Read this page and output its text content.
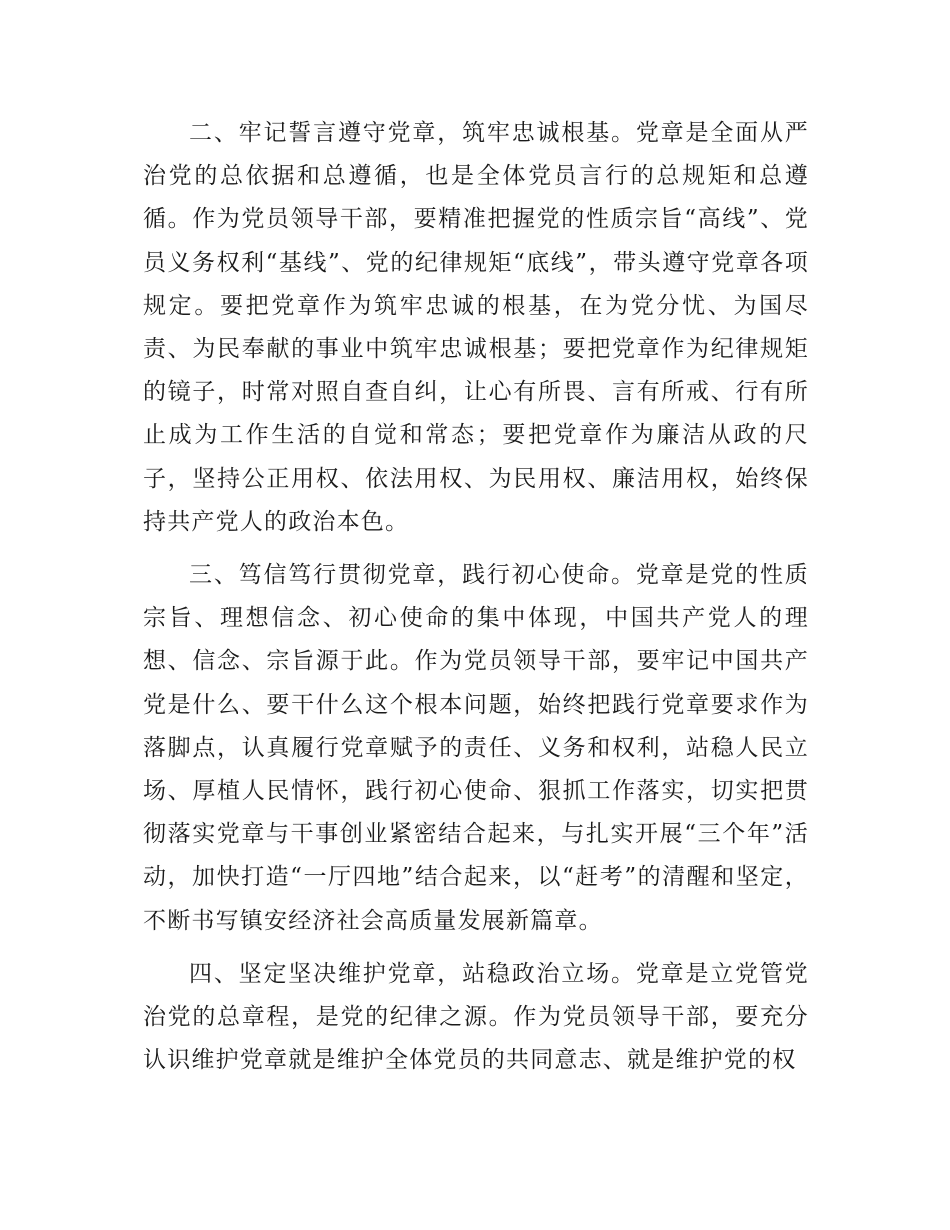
二、牢记誓言遵守党章，筑牢忠诚根基。党章是全面从严治党的总依据和总遵循，也是全体党员言行的总规矩和总遵循。作为党员领导干部，要精准把握党的性质宗旨“高线”、党员义务权利“基线”、党的纪律规矩“底线”，带头遵守党章各项规定。要把党章作为筑牢忠诚的根基，在为党分忧、为国尽责、为民奉献的事业中筑牢忠诚根基；要把党章作为纪律规矩的镜子，时常对照自查自纠，让心有所畏、言有所戒、行有所止成为工作生活的自觉和常态；要把党章作为廉洁从政的尺子，坚持公正用权、依法用权、为民用权、廉洁用权，始终保持共产党人的政治本色。

三、笃信笃行贯彻党章，践行初心使命。党章是党的性质宗旨、理想信念、初心使命的集中体现，中国共产党人的理想、信念、宗旨源于此。作为党员领导干部，要牢记中国共产党是什么、要干什么这个根本问题，始终把践行党章要求作为落脚点，认真履行党章赋予的责任、义务和权利，站稳人民立场、厚植人民情怀，践行初心使命、狠抓工作落实，切实把贯彻落实党章与干事创业紧密结合起来，与扎实开展“三个年”活动，加快打造“一厅四地”结合起来，以“赶考”的清醒和坚定，不断书写镇安经济社会高质量发展新篇章。

四、坚定坚决维护党章，站稳政治立场。党章是立党管党治党的总章程，是党的纪律之源。作为党员领导干部，要充分认识维护党章就是维护全体党员的共同意志、就是维护党的权
